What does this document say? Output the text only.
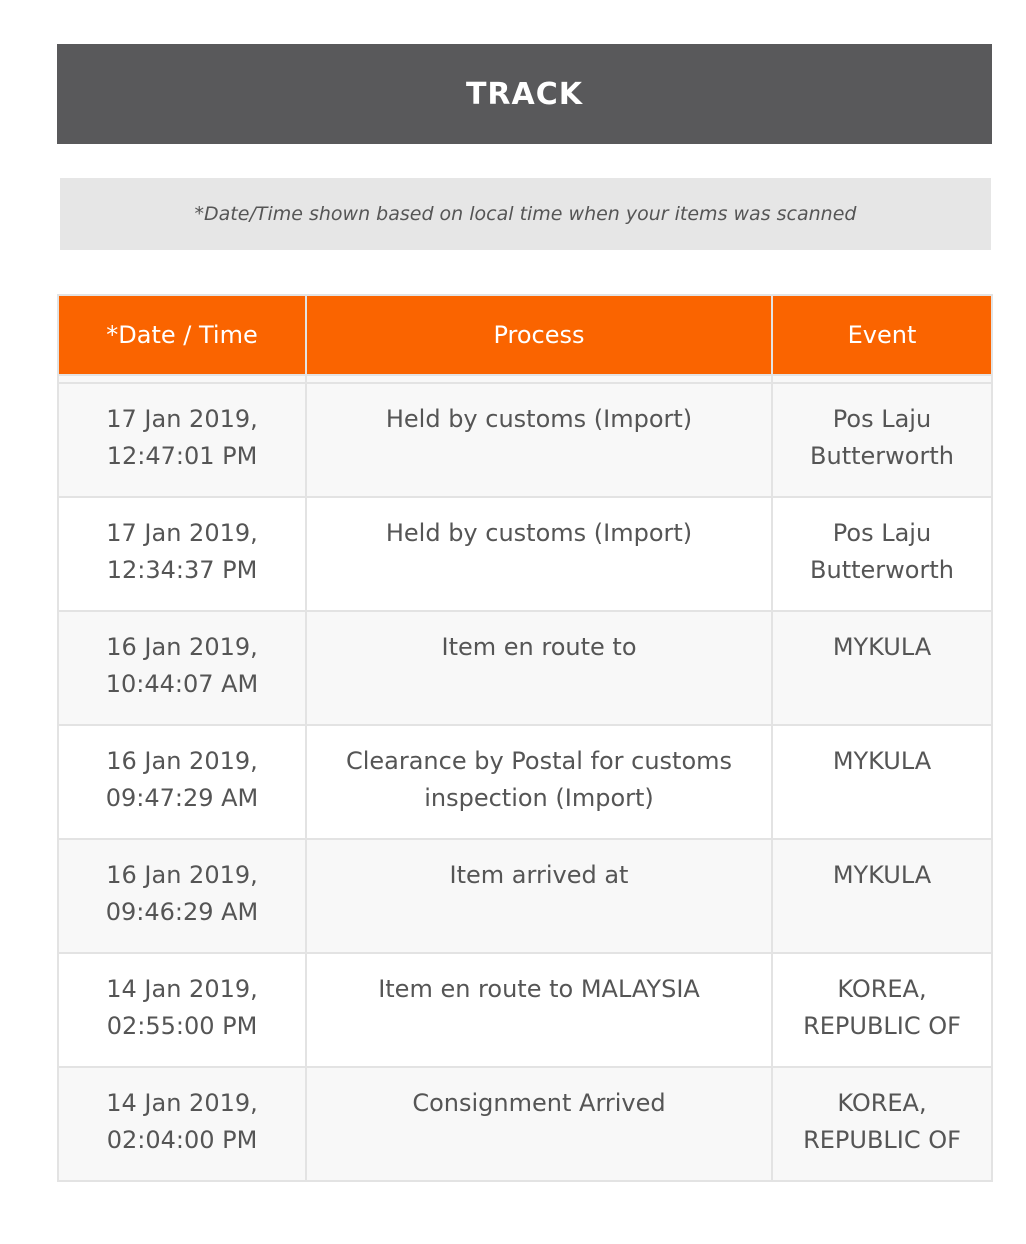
TRACK
*Date/Time shown based on local time when your items was scanned
*Date / Time	Process	Event

17 Jan 2019,
12:47:01 PM	Held by customs (Import)	Pos Laju Butterworth
17 Jan 2019,
12:34:37 PM	Held by customs (Import)	Pos Laju Butterworth
16 Jan 2019,
10:44:07 AM	Item en route to	MYKULA
16 Jan 2019,
09:47:29 AM	Clearance by Postal for customs inspection (Import)	MYKULA
16 Jan 2019,
09:46:29 AM	Item arrived at	MYKULA
14 Jan 2019,
02:55:00 PM	Item en route to MALAYSIA	KOREA, REPUBLIC OF
14 Jan 2019,
02:04:00 PM	Consignment Arrived	KOREA, REPUBLIC OF
